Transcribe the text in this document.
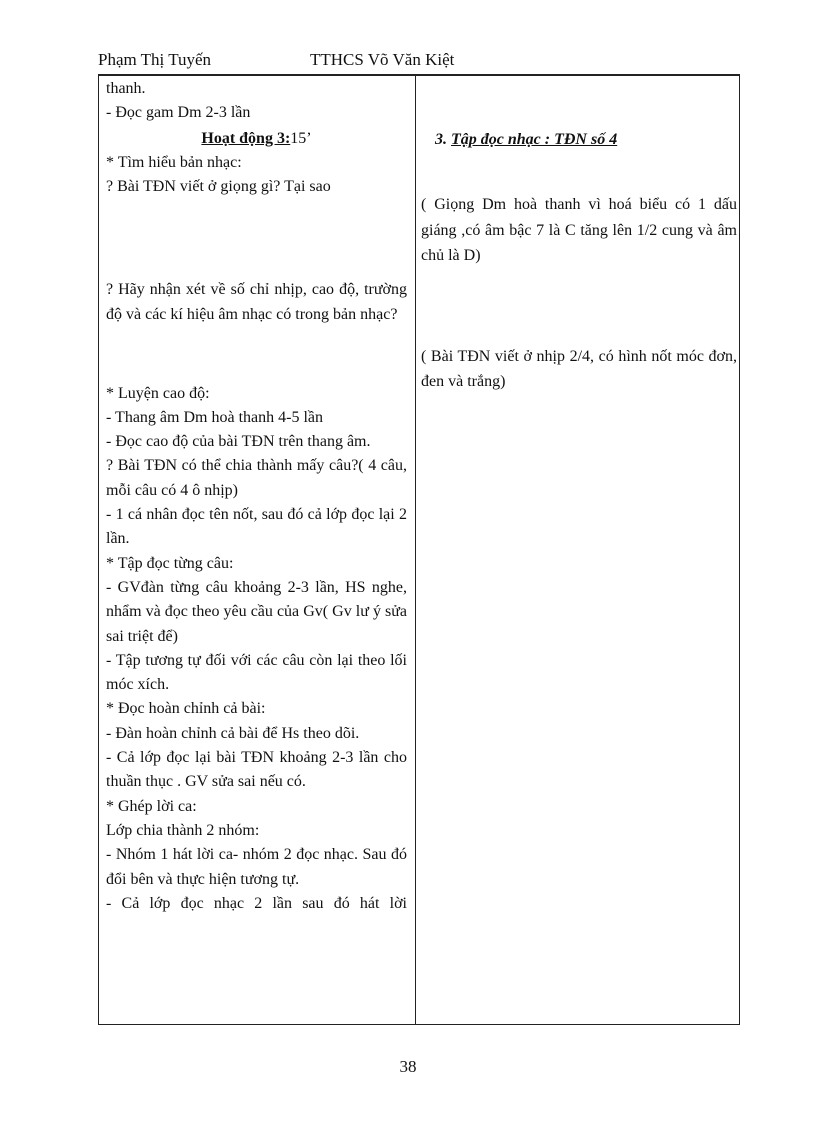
Phạm Thị Tuyến	TTHCS Võ Văn Kiệt

thanh.

- Đọc gam Dm 2-3 lần

Hoạt động 3:15’

* Tìm hiểu bản nhạc:

? Bài TĐN viết ở giọng gì? Tại sao

? Hãy nhận xét về số chỉ nhịp, cao độ, trường độ và các kí hiệu âm nhạc có trong bản nhạc?

* Luyện cao độ:

- Thang âm Dm hoà thanh 4-5 lần

- Đọc cao độ của bài TĐN trên thang âm.

? Bài TĐN có thể chia thành mấy câu?( 4 câu, mỗi câu có 4 ô nhịp)

- 1 cá nhân đọc tên nốt, sau đó cả lớp đọc lại 2 lần.

* Tập đọc từng câu:

- GVđàn từng câu khoảng 2-3 lần, HS nghe, nhẩm và đọc theo yêu cầu của Gv( Gv lư ý sửa sai triệt để)

- Tập tương tự đối với các câu còn lại theo lối móc xích.

* Đọc hoàn chỉnh cả bài:

- Đàn hoàn chỉnh cả bài để Hs theo dõi.

- Cả lớp đọc lại bài TĐN khoảng 2-3 lần cho thuần thục . GV sửa sai nếu có.

* Ghép lời ca:

Lớp chia thành 2 nhóm:

- Nhóm 1 hát lời ca- nhóm 2 đọc nhạc. Sau đó đổi bên và thực hiện tương tự.

- Cả lớp đọc nhạc 2 lần sau đó hát lời

3. Tập đọc nhạc : TĐN số 4

( Giọng Dm hoà thanh vì hoá biểu có 1 dấu giáng ,có âm bậc 7 là C tăng lên 1/2 cung và âm chủ là D)

( Bài TĐN viết ở nhịp 2/4, có hình nốt móc đơn, đen và trắng)

38
